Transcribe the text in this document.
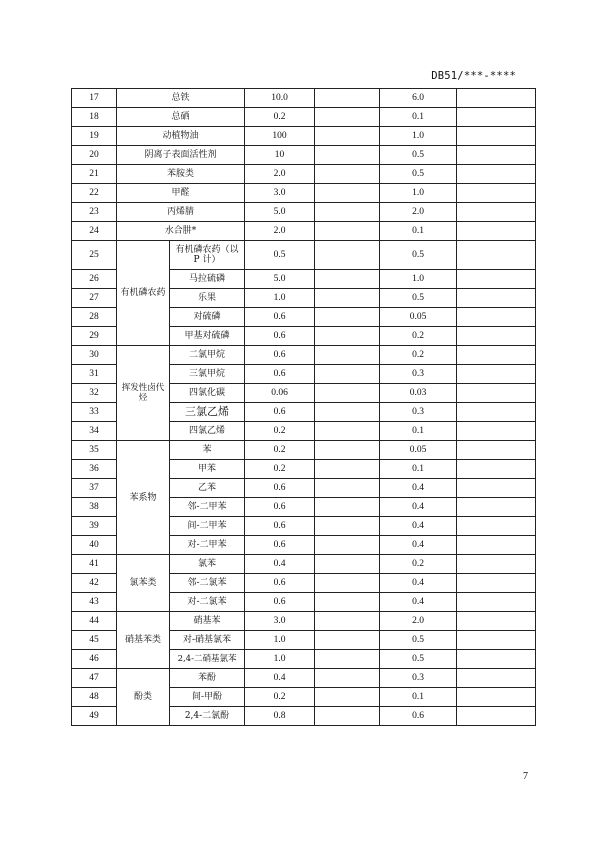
DB51/***-****
17	总铁		10.0		6.0	
18	总硒		0.2		0.1	
19	动植物油		100		1.0	
20	阴离子表面活性剂		10		0.5	
21	苯胺类		2.0		0.5	
22	甲醛		3.0		1.0	
23	丙烯腈		5.0		2.0	
24	水合肼*		2.0		0.1	
25	有机磷农药	有机磷农药（以 P 计）	0.5		0.5	
26		马拉硫磷	5.0		1.0	
27		乐果	1.0		0.5	
28		对硫磷	0.6		0.05	
29		甲基对硫磷	0.6		0.2	
30	挥发性卤代烃	二氯甲烷	0.6		0.2	
31		三氯甲烷	0.6		0.3	
32		四氯化碳	0.06		0.03	
33		三氯乙烯	0.6		0.3	
34		四氯乙烯	0.2		0.1	
35	苯系物	苯	0.2		0.05	
36		甲苯	0.2		0.1	
37		乙苯	0.6		0.4	
38		邻-二甲苯	0.6		0.4	
39		间-二甲苯	0.6		0.4	
40		对-二甲苯	0.6		0.4	
41	氯苯类	氯苯	0.4		0.2	
42		邻-二氯苯	0.6		0.4	
43		对-二氯苯	0.6		0.4	
44	硝基苯类	硝基苯	3.0		2.0	
45		对-硝基氯苯	1.0		0.5	
46		2,4-二硝基氯苯	1.0		0.5	
47	酚类	苯酚	0.4		0.3	
48		间-甲酚	0.2		0.1	
49		2,4-二氯酚	0.8		0.6	
7
